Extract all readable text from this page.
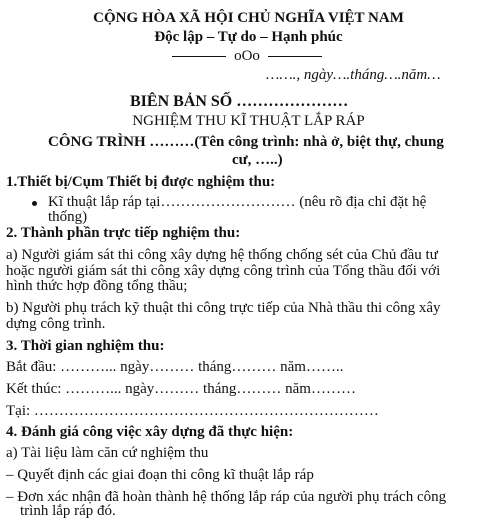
CỘNG HÒA XÃ HỘI CHỦ NGHĨA VIỆT NAM
Độc lập – Tự do – Hạnh phúc
oOo
……., ngày….tháng….năm…
BIÊN BẢN SỐ …………………
NGHIỆM THU KĨ THUẬT LẮP RÁP
CÔNG TRÌNH ………(Tên công trình: nhà ở, biệt thự, chung
cư, …..)
1.Thiết bị/Cụm Thiết bị được nghiệm thu:
Kĩ thuật lắp ráp tại……………………… (nêu rõ địa chỉ đặt hệ
thống)
2. Thành phần trực tiếp nghiệm thu:
a) Người giám sát thi công xây dựng hệ thống chống sét của Chủ đầu tư
hoặc người giám sát thi công xây dựng công trình của Tổng thầu đối với
hình thức hợp đồng tổng thầu;
b) Người phụ trách kỹ thuật thi công trực tiếp của Nhà thầu thi công xây
dựng công trình.
3. Thời gian nghiệm thu:
Bắt đầu: ………... ngày……… tháng……… năm……..
Kết thúc: ………... ngày……… tháng……… năm………
Tại: ……………………………………………………………
4. Đánh giá công việc xây dựng đã thực hiện:
a) Tài liệu làm căn cứ nghiệm thu
– Quyết định các giai đoạn thi công kĩ thuật lắp ráp
– Đơn xác nhận đã hoàn thành hệ thống lắp ráp của người phụ trách công
trình lắp ráp đó.
